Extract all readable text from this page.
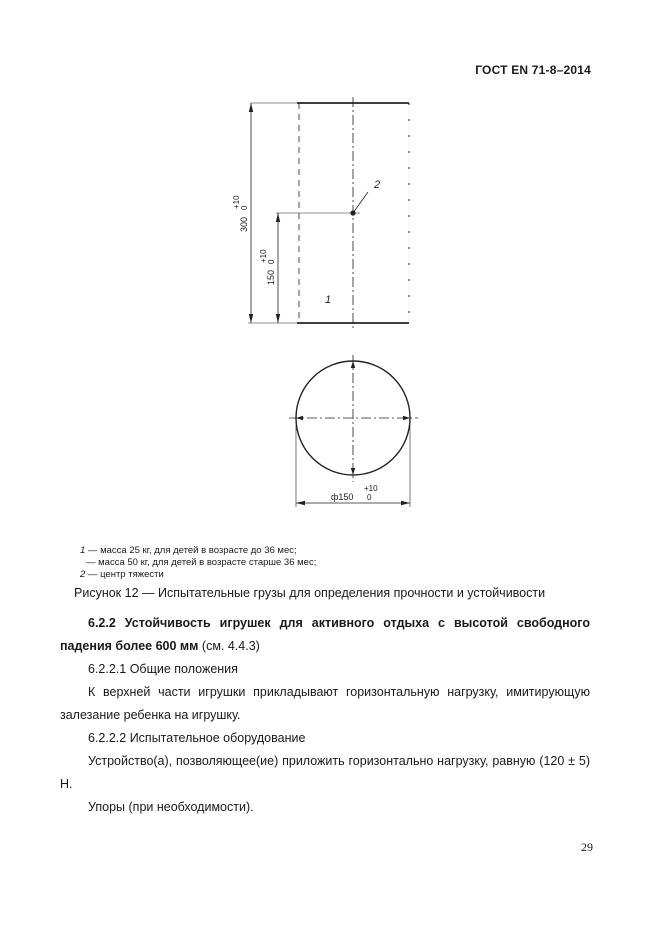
ГОСТ EN 71-8–2014
300
+10 0
150
+10 0
ф150
+10
0
1
2
1 — масса 25 кг, для детей в возрасте до 36 мес;
— масса 50 кг, для детей в возрасте старше 36 мес;
2 — центр тяжести
Рисунок 12 — Испытательные грузы для определения прочности и устойчивости
6.2.2 Устойчивость игрушек для активного отдыха с высотой свободного падения более 600 мм (см. 4.4.3)
6.2.2.1 Общие положения
К верхней части игрушки прикладывают горизонтальную нагрузку, имитирующую залезание ребенка на игрушку.
6.2.2.2 Испытательное оборудование
Устройство(а), позволяющее(ие) приложить горизонтально нагрузку, равную (120 ± 5) Н.
Упоры (при необходимости).
29
